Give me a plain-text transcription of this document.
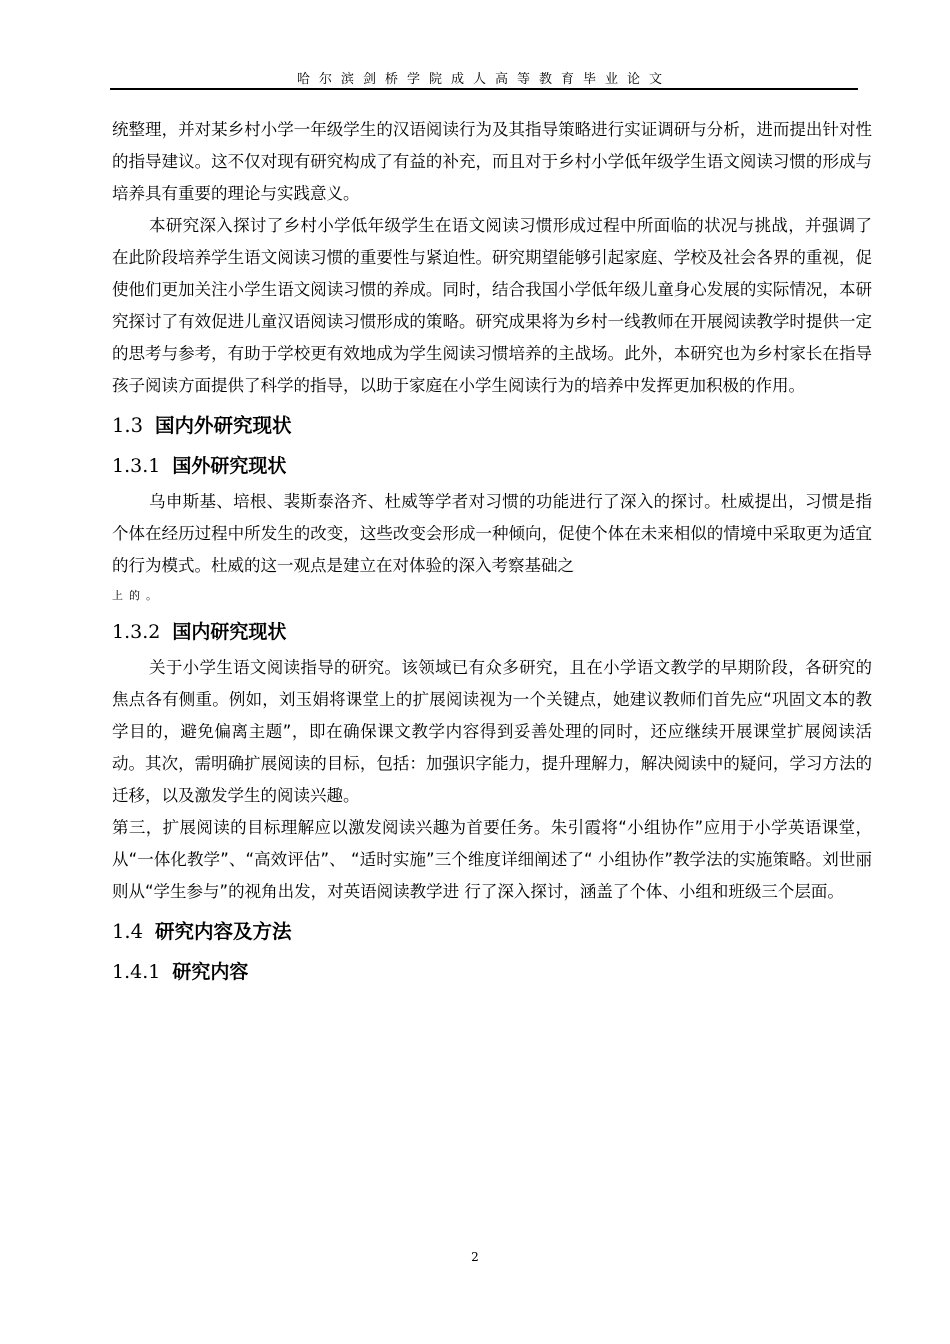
哈尔滨剑桥学院成人高等教育毕业论文

统整理，并对某乡村小学一年级学生的汉语阅读行为及其指导策略进行实证调研与分析，进而提出针对性的指导建议。这不仅对现有研究构成了有益的补充，而且对于乡村小学低年级学生语文阅读习惯的形成与培养具有重要的理论与实践意义。

本研究深入探讨了乡村小学低年级学生在语文阅读习惯形成过程中所面临的状况与挑战，并强调了在此阶段培养学生语文阅读习惯的重要性与紧迫性。研究期望能够引起家庭、学校及社会各界的重视，促使他们更加关注小学生语文阅读习惯的养成。同时，结合我国小学低年级儿童身心发展的实际情况，本研究探讨了有效促进儿童汉语阅读习惯形成的策略。研究成果将为乡村一线教师在开展阅读教学时提供一定的思考与参考，有助于学校更有效地成为学生阅读习惯培养的主战场。此外，本研究也为乡村家长在指导孩子阅读方面提供了科学的指导，以助于家庭在小学生阅读行为的培养中发挥更加积极的作用。

1.3 国内外研究现状
1.3.1 国外研究现状

乌申斯基、培根、裴斯泰洛齐、杜威等学者对习惯的功能进行了深入的探讨。杜威提出，习惯是指个体在经历过程中所发生的改变，这些改变会形成一种倾向，促使个体在未来相似的情境中采取更为适宜的行为模式。杜威的这一观点是建立在对体验的深入考察基础之

上的。

1.3.2 国内研究现状

关于小学生语文阅读指导的研究。该领域已有众多研究，且在小学语文教学的早期阶段，各研究的焦点各有侧重。例如，刘玉娟将课堂上的扩展阅读视为一个关键点，她建议教师们首先应“巩固文本的教学目的，避免偏离主题”，即在确保课文教学内容得到妥善处理的同时，还应继续开展课堂扩展阅读活动。其次，需明确扩展阅读的目标，包括：加强识字能力，提升理解力，解决阅读中的疑问，学习方法的迁移，以及激发学生的阅读兴趣。

第三，扩展阅读的目标理解应以激发阅读兴趣为首要任务。朱引霞将“小组协作”应用于小学英语课堂，从“一体化教学”、“高效评估”、 “适时实施”三个维度详细阐述了“ 小组协作”教学法的实施策略。刘世丽则从“学生参与”的视角出发，对英语阅读教学进 行了深入探讨，涵盖了个体、小组和班级三个层面。

1.4 研究内容及方法
1.4.1 研究内容
2
